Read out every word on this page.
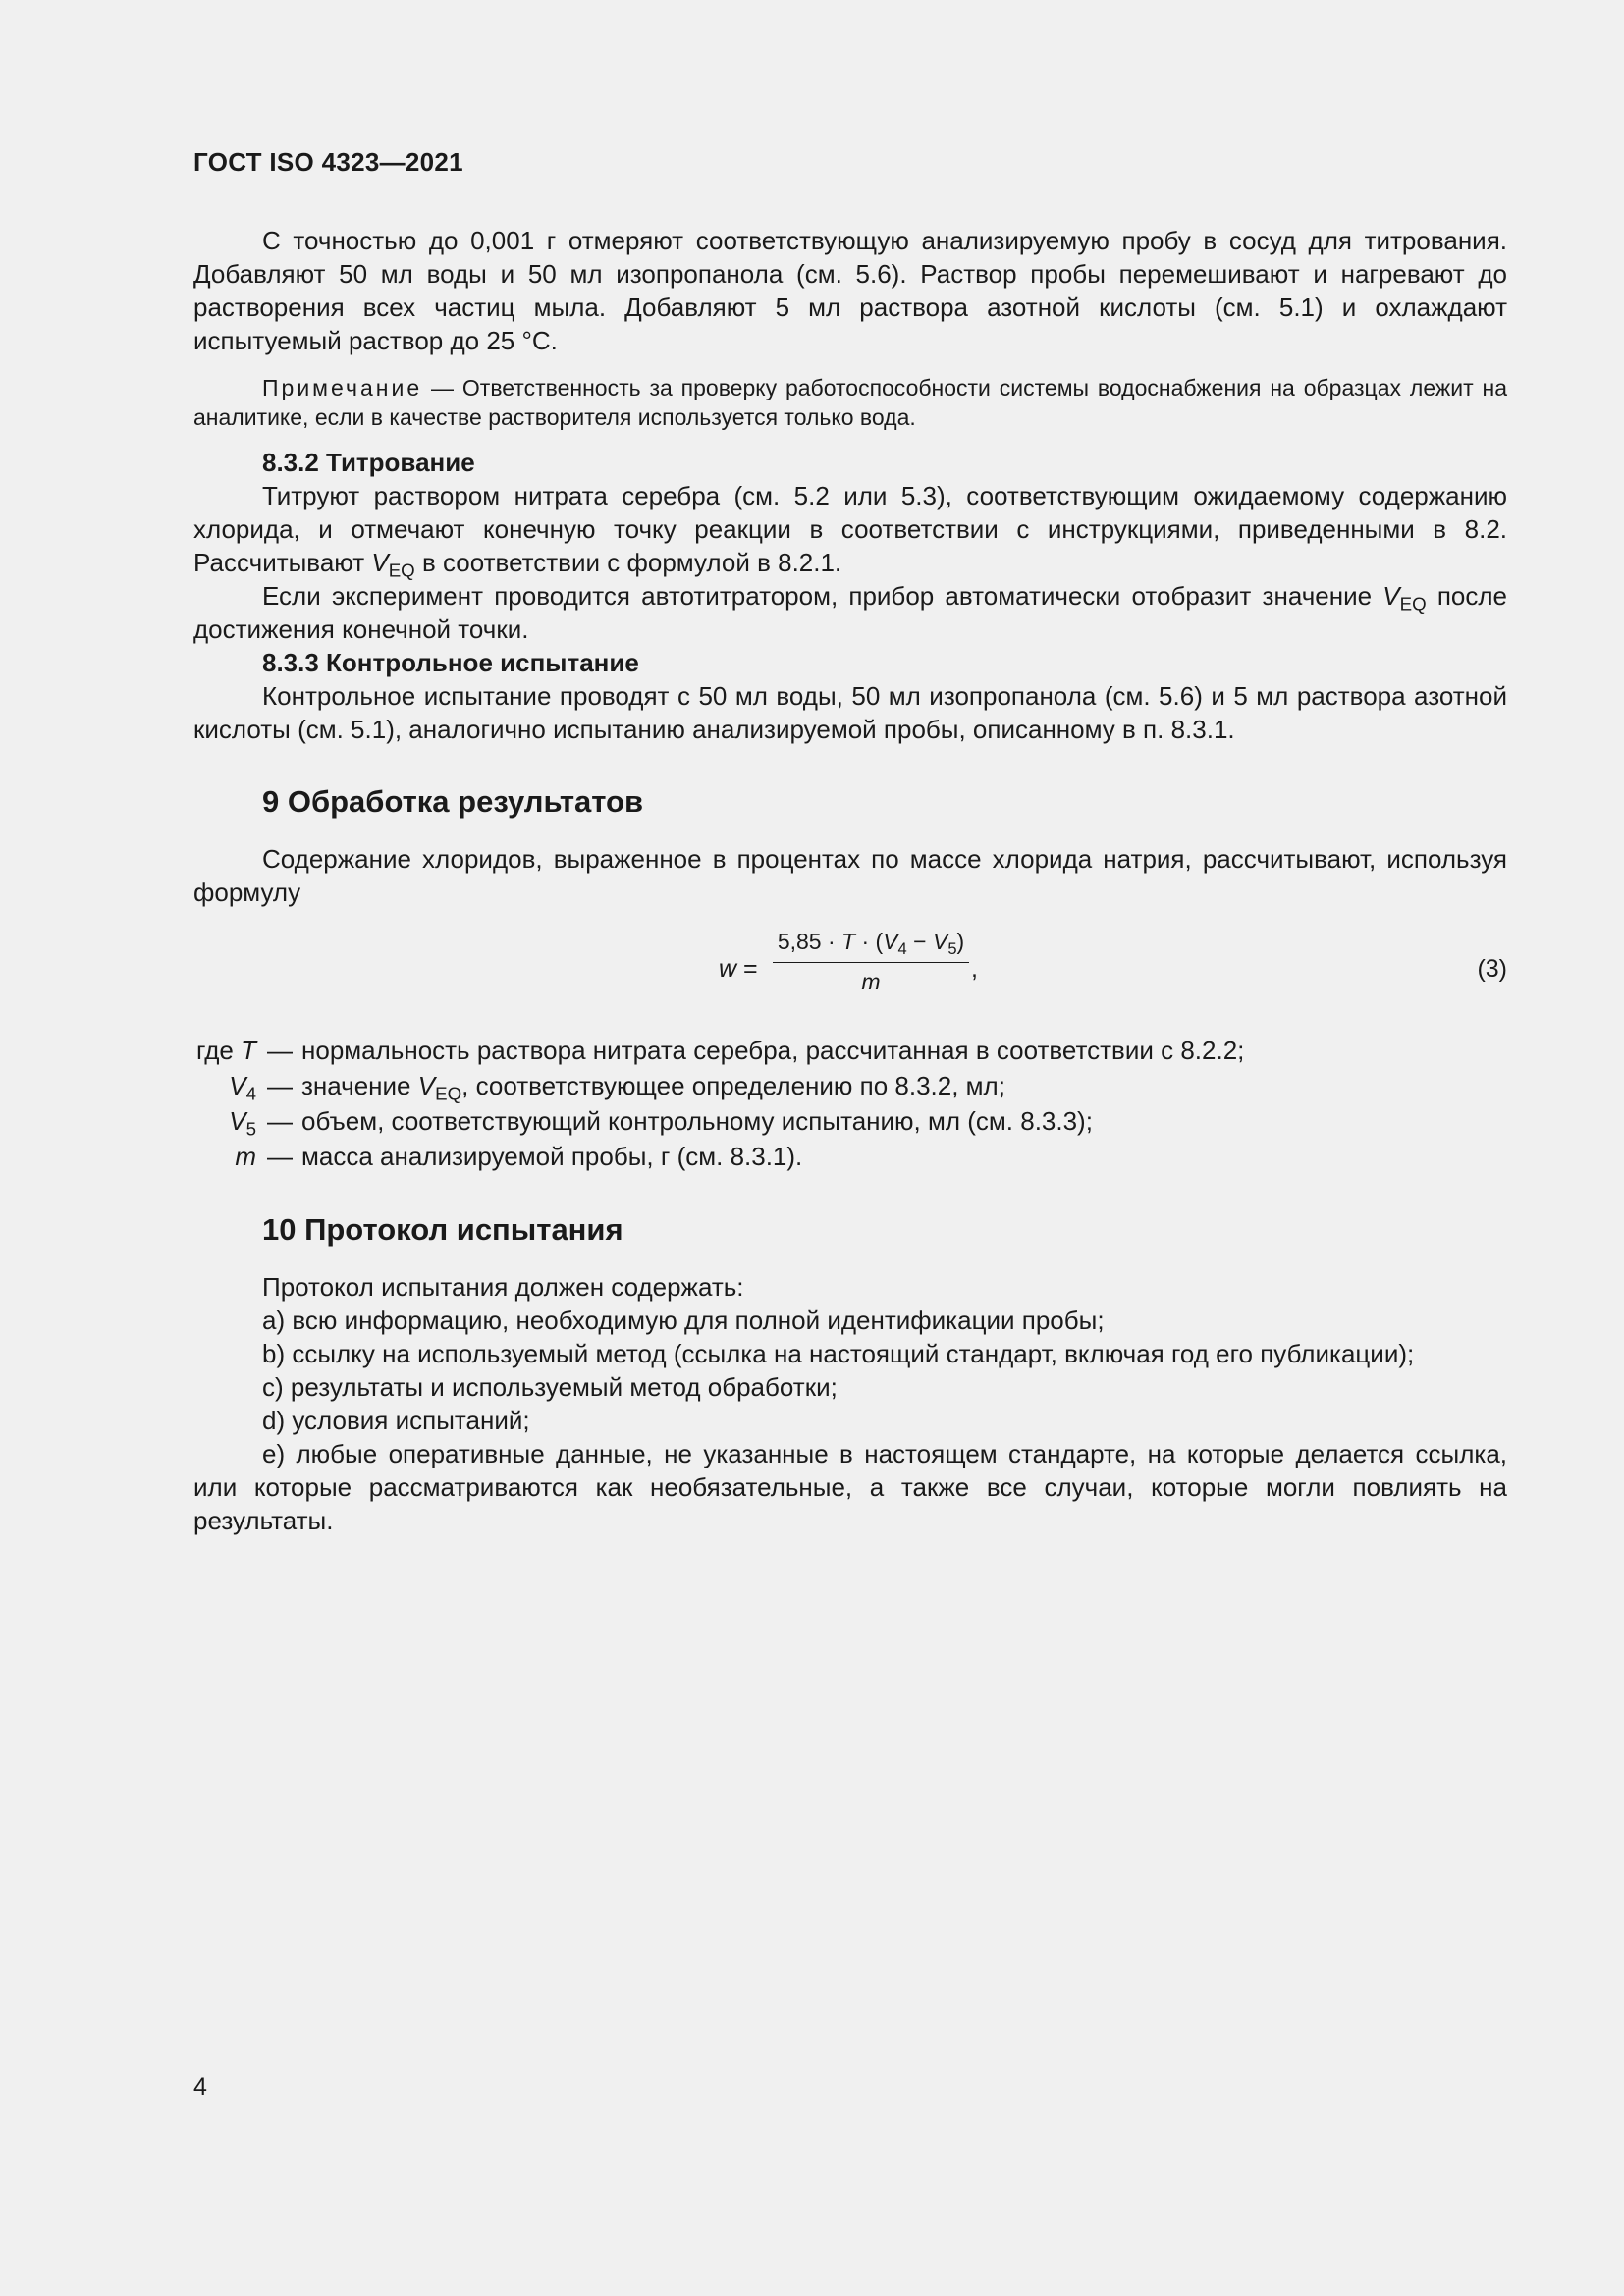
ГОСТ ISO 4323—2021

С точностью до 0,001 г отмеряют соответствующую анализируемую пробу в сосуд для титрования. Добавляют 50 мл воды и 50 мл изопропанола (см. 5.6). Раствор пробы перемешивают и нагревают до растворения всех частиц мыла. Добавляют 5 мл раствора азотной кислоты (см. 5.1) и охлаждают испытуемый раствор до 25 °С.

Примечание — Ответственность за проверку работоспособности системы водоснабжения на образцах лежит на аналитике, если в качестве растворителя используется только вода.

8.3.2 Титрование

Титруют раствором нитрата серебра (см. 5.2 или 5.3), соответствующим ожидаемому содержанию хлорида, и отмечают конечную точку реакции в соответствии с инструкциями, приведенными в 8.2. Рассчитывают $V_{EQ}$ в соответствии с формулой в 8.2.1.

Если эксперимент проводится автотитратором, прибор автоматически отобразит значение $V_{EQ}$ после достижения конечной точки.

8.3.3 Контрольное испытание

Контрольное испытание проводят с 50 мл воды, 50 мл изопропанола (см. 5.6) и 5 мл раствора азотной кислоты (см. 5.1), аналогично испытанию анализируемой пробы, описанному в п. 8.3.1.

9 Обработка результатов

Содержание хлоридов, выраженное в процентах по массе хлорида натрия, рассчитывают, используя формулу

$w = \frac{5,85 \cdot T \cdot (V_4 - V_5)}{m}$ ,	(3)
где T — нормальность раствора нитрата серебра, рассчитанная в соответствии с 8.2.2;
$V_4$ — значение $V_{EQ}$, соответствующее определению по 8.3.2, мл;
$V_5$ — объем, соответствующий контрольному испытанию, мл (см. 8.3.3);
m — масса анализируемой пробы, г (см. 8.3.1).
10 Протокол испытания

Протокол испытания должен содержать:

a) всю информацию, необходимую для полной идентификации пробы;

b) ссылку на используемый метод (ссылка на настоящий стандарт, включая год его публикации);

c) результаты и используемый метод обработки;

d) условия испытаний;

e) любые оперативные данные, не указанные в настоящем стандарте, на которые делается ссылка, или которые рассматриваются как необязательные, а также все случаи, которые могли повлиять на результаты.

4
